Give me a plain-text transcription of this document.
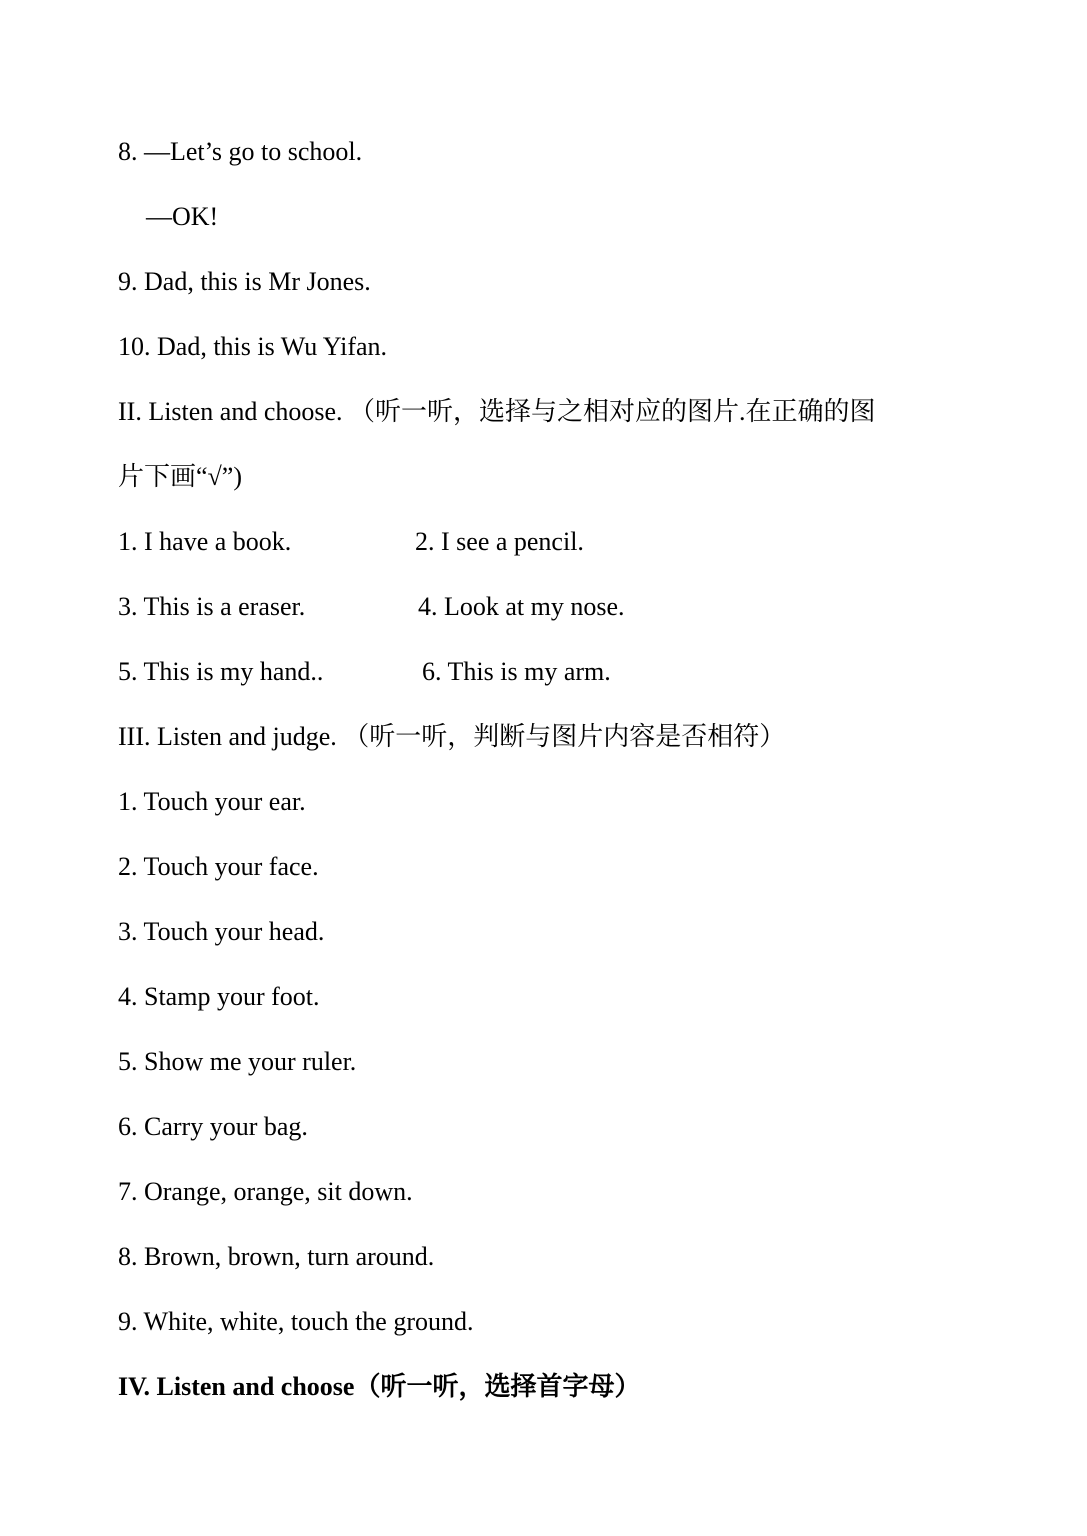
8. —Let’s go to school.
—OK!
9. Dad, this is Mr Jones.
10. Dad, this is Wu Yifan.
II. Listen and choose. （听一听，选择与之相对应的图片.在正确的图
片下画“√”)
1. I have a book.	2. I see a pencil.
3. This is a eraser.	4. Look at my nose.
5. This is my hand..	6. This is my arm.
III. Listen and judge. （听一听，判断与图片内容是否相符）
1. Touch your ear.
2. Touch your face.
3. Touch your head.
4. Stamp your foot.
5. Show me your ruler.
6. Carry your bag.
7. Orange, orange, sit down.
8. Brown, brown, turn around.
9. White, white, touch the ground.
IV. Listen and choose（听一听，选择首字母）
